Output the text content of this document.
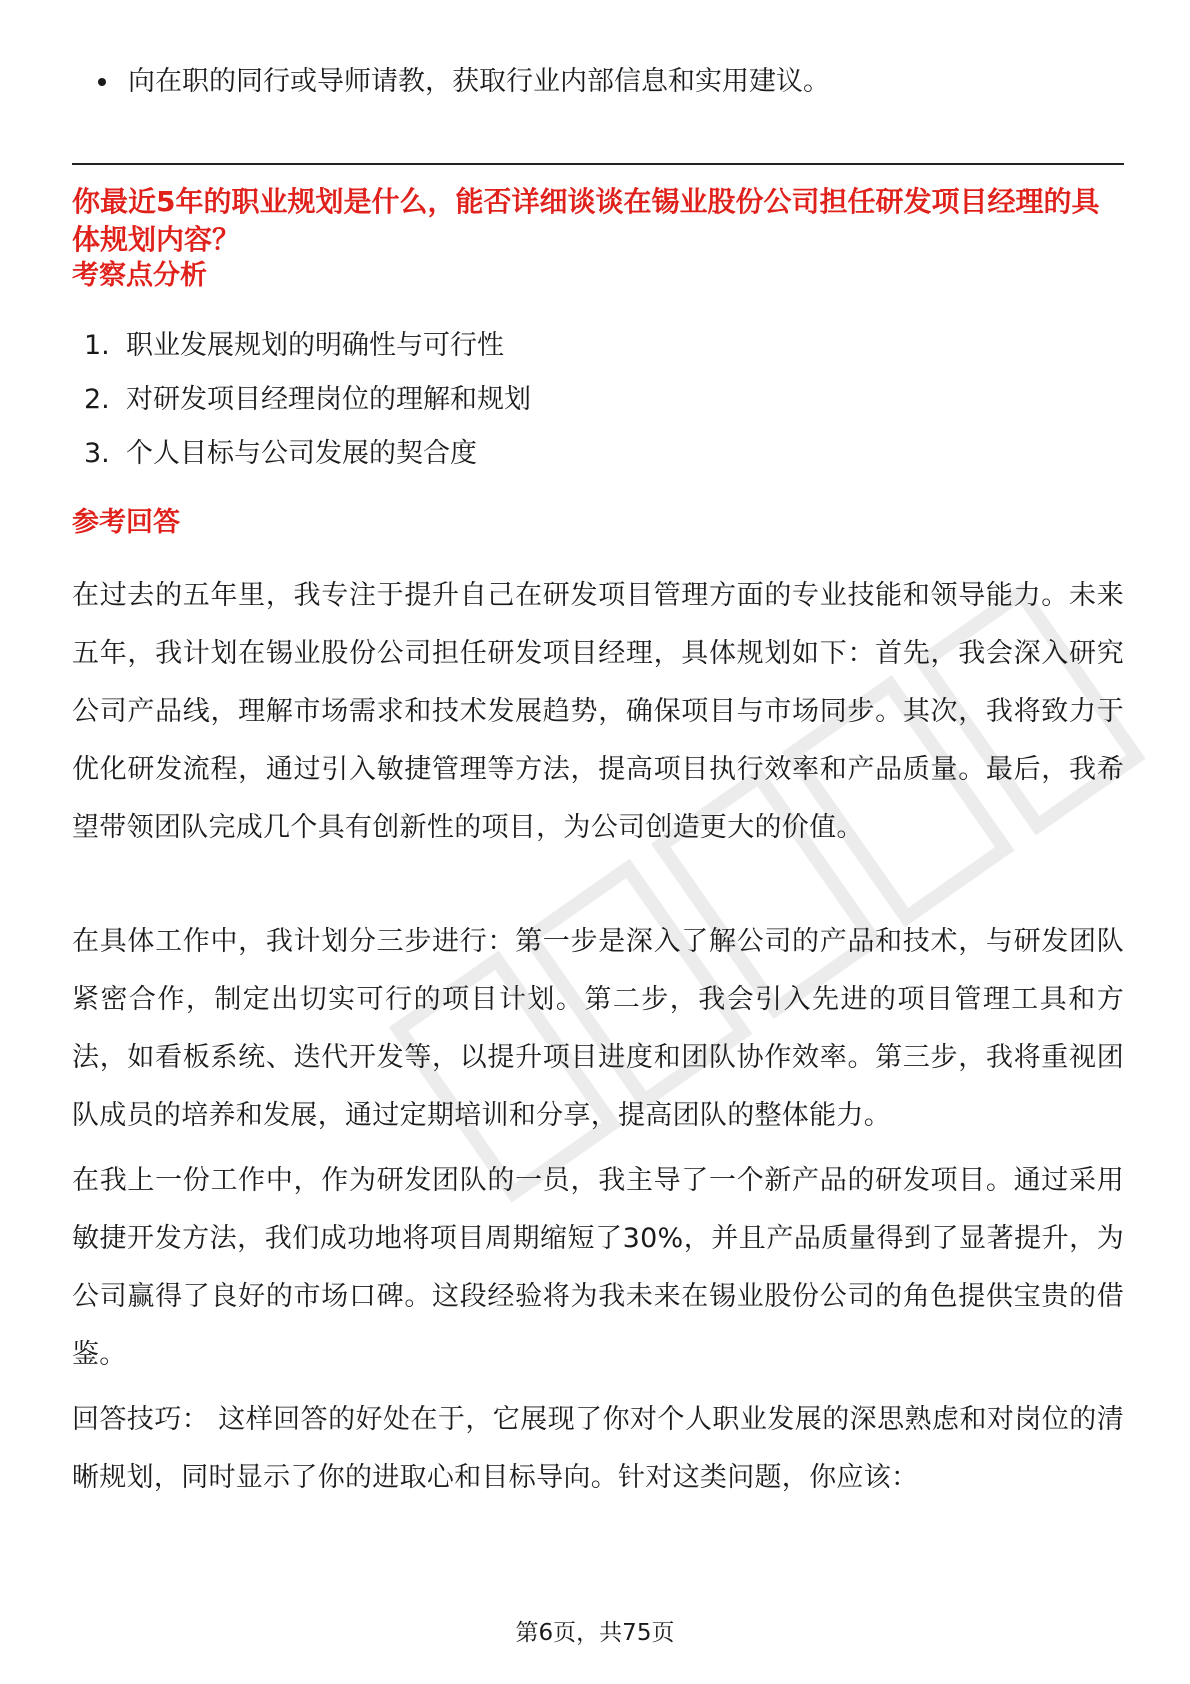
向在职的同行或导师请教，获取行业内部信息和实用建议。
你最近5年的职业规划是什么，能否详细谈谈在锡业股份公司担任研发项目经理的具体规划内容？
考察点分析
1. 职业发展规划的明确性与可行性
2. 对研发项目经理岗位的理解和规划
3. 个人目标与公司发展的契合度
参考回答
在过去的五年里，我专注于提升自己在研发项目管理方面的专业技能和领导能力。未来五年，我计划在锡业股份公司担任研发项目经理，具体规划如下：首先，我会深入研究公司产品线，理解市场需求和技术发展趋势，确保项目与市场同步。其次，我将致力于优化研发流程，通过引入敏捷管理等方法，提高项目执行效率和产品质量。最后，我希望带领团队完成几个具有创新性的项目，为公司创造更大的价值。
在具体工作中，我计划分三步进行：第一步是深入了解公司的产品和技术，与研发团队紧密合作，制定出切实可行的项目计划。第二步，我会引入先进的项目管理工具和方法，如看板系统、迭代开发等，以提升项目进度和团队协作效率。第三步，我将重视团队成员的培养和发展，通过定期培训和分享，提高团队的整体能力。
在我上一份工作中，作为研发团队的一员，我主导了一个新产品的研发项目。通过采用敏捷开发方法，我们成功地将项目周期缩短了30%，并且产品质量得到了显著提升，为公司赢得了良好的市场口碑。这段经验将为我未来在锡业股份公司的角色提供宝贵的借鉴。
回答技巧： 这样回答的好处在于，它展现了你对个人职业发展的深思熟虑和对岗位的清晰规划，同时显示了你的进取心和目标导向。针对这类问题，你应该：
第6页，共75页
